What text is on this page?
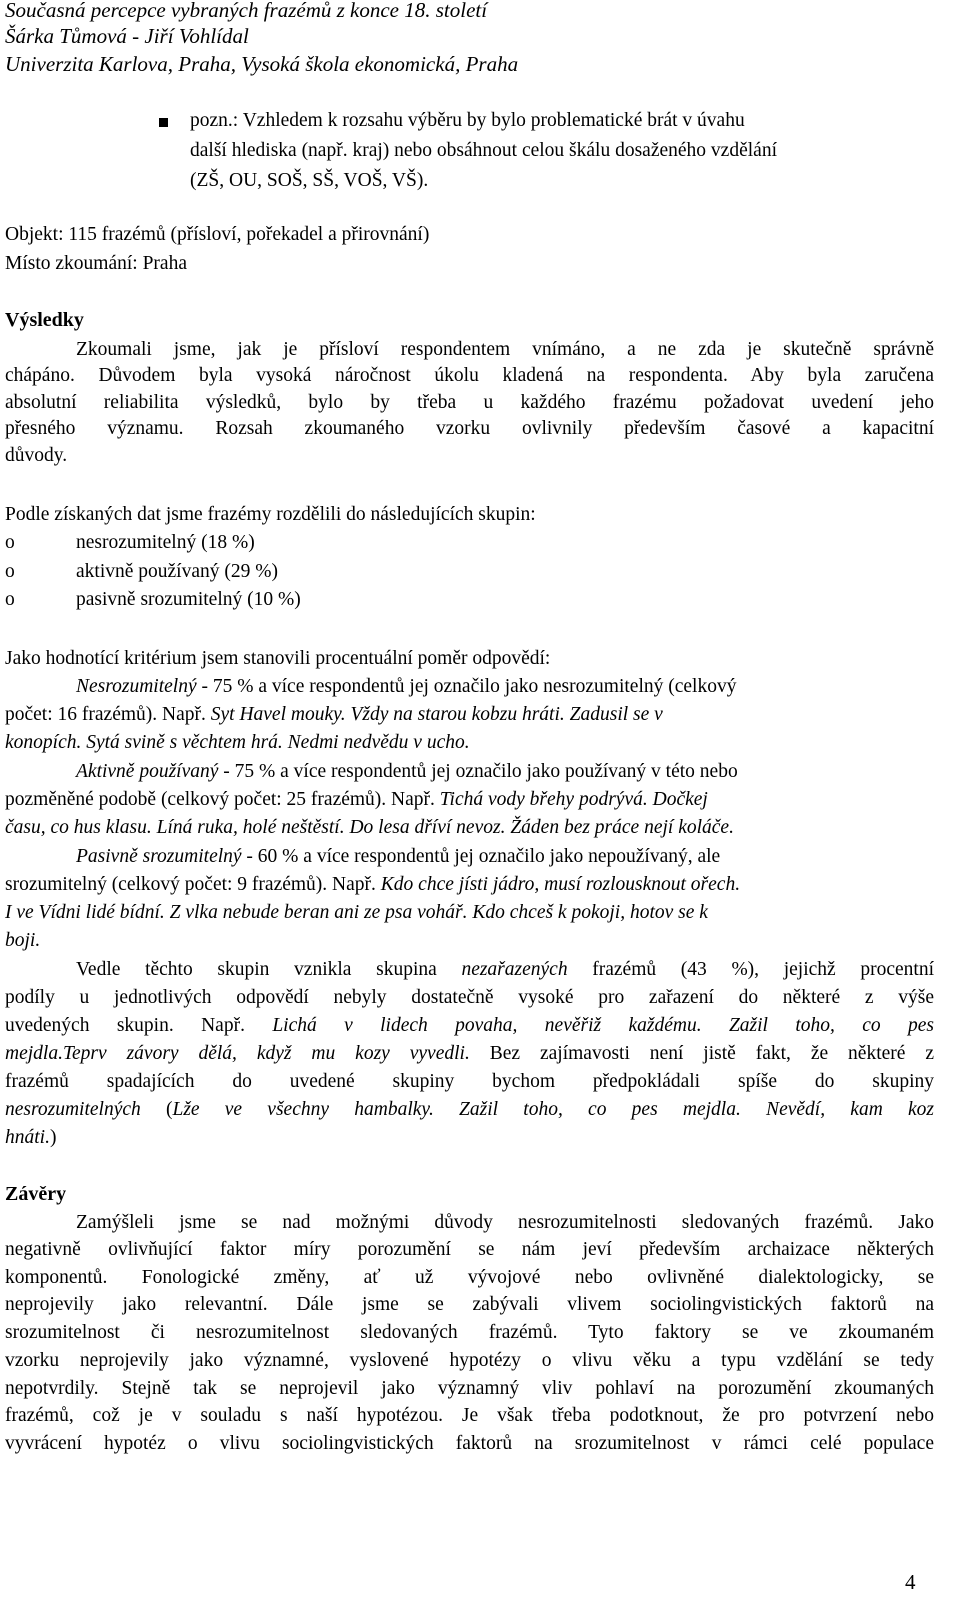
Současná percepce vybraných frazémů z konce 18. století
Šárka Tůmová - Jiří Vohlídal
Univerzita Karlova, Praha, Vysoká škola ekonomická, Praha
pozn.: Vzhledem k rozsahu výběru by bylo problematické brát v úvahu
další hlediska (např. kraj) nebo obsáhnout celou škálu dosaženého vzdělání
(ZŠ, OU, SOŠ, SŠ, VOŠ, VŠ).
Objekt: 115 frazémů (přísloví, pořekadel a přirovnání)
Místo zkoumání: Praha
Výsledky
Zkoumali jsme, jak je přísloví respondentem vnímáno, a ne zda je skutečně správně
chápáno. Důvodem byla vysoká náročnost úkolu kladená na respondenta. Aby byla zaručena
absolutní reliabilita výsledků, bylo by třeba u každého frazému požadovat uvedení jeho
přesného významu. Rozsah zkoumaného vzorku ovlivnily především časové a kapacitní
důvody.
Podle získaných dat jsme frazémy rozdělili do následujících skupin:
o	nesrozumitelný (18 %)
o	aktivně používaný (29 %)
o	pasivně srozumitelný (10 %)
Jako hodnotící kritérium jsem stanovili procentuální poměr odpovědí:
Nesrozumitelný - 75 % a více respondentů jej označilo jako nesrozumitelný (celkový
počet: 16 frazémů). Např. Syt Havel mouky. Vždy na starou kobzu hráti. Zadusil se v
konopích. Sytá svině s věchtem hrá. Nedmi nedvědu v ucho.
Aktivně používaný - 75 % a více respondentů jej označilo jako používaný v této nebo
pozměněné podobě (celkový počet: 25 frazémů). Např. Tichá vody břehy podrývá. Dočkej
času, co hus klasu. Líná ruka, holé neštěstí. Do lesa dříví nevoz. Žáden bez práce nejí koláče.
Pasivně srozumitelný - 60 % a více respondentů jej označilo jako nepoužívaný, ale
srozumitelný (celkový počet: 9 frazémů). Např. Kdo chce jísti jádro, musí rozlousknout ořech.
I ve Vídni lidé bídní. Z vlka nebude beran ani ze psa vohář. Kdo chceš k pokoji, hotov se k
boji.
Vedle těchto skupin vznikla skupina nezařazených frazémů (43 %), jejichž procentní
podíly u jednotlivých odpovědí nebyly dostatečně vysoké pro zařazení do některé z výše
uvedených skupin. Např. Lichá v lidech povaha, nevěřiž každému. Zažil toho, co pes
mejdla.Teprv závory dělá, když mu kozy vyvedli. Bez zajímavosti není jistě fakt, že některé z
frazémů spadajících do uvedené skupiny bychom předpokládali spíše do skupiny
nesrozumitelných (Lže ve všechny hambalky. Zažil toho, co pes mejdla. Nevědí, kam koz
hnáti.)
Závěry
Zamýšleli jsme se nad možnými důvody nesrozumitelnosti sledovaných frazémů. Jako
negativně ovlivňující faktor míry porozumění se nám jeví především archaizace některých
komponentů. Fonologické změny, ať už vývojové nebo ovlivněné dialektologicky, se
neprojevily jako relevantní. Dále jsme se zabývali vlivem sociolingvistických faktorů na
srozumitelnost či nesrozumitelnost sledovaných frazémů. Tyto faktory se ve zkoumaném
vzorku neprojevily jako významné, vyslovené hypotézy o vlivu věku a typu vzdělání se tedy
nepotvrdily. Stejně tak se neprojevil jako významný vliv pohlaví na porozumění zkoumaných
frazémů, což je v souladu s naší hypotézou. Je však třeba podotknout, že pro potvrzení nebo
vyvrácení hypotéz o vlivu sociolingvistických faktorů na srozumitelnost v rámci celé populace
4
